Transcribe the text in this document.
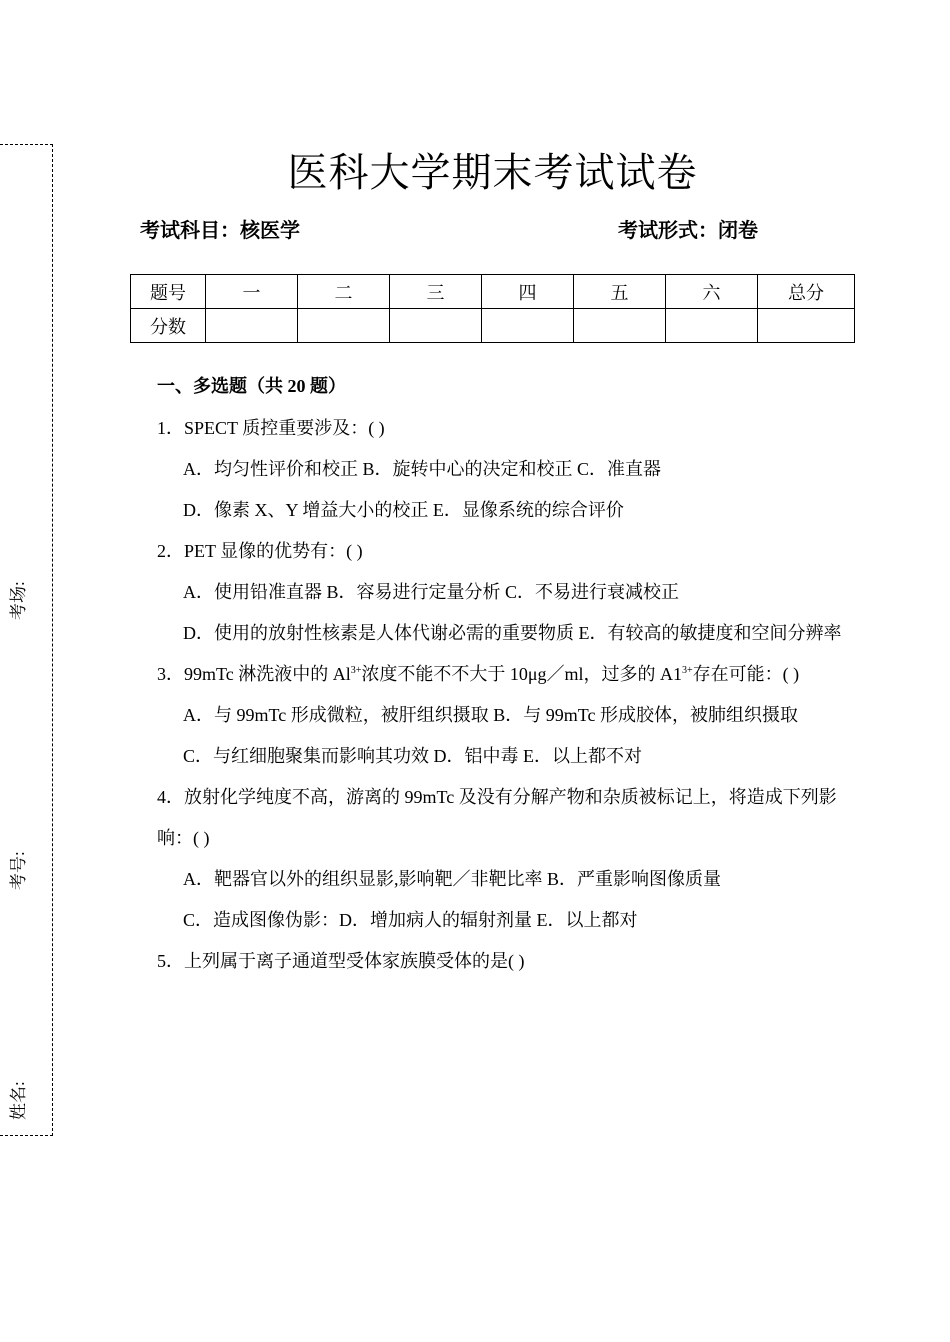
考场:
考号:
姓名:
医科大学期末考试试卷
考试科目：核医学	考试形式：闭卷
题号	一	二	三	四	五	六	总分
分数							
一、多选题（共 20 题）
1．SPECT 质控重要涉及：( )
A．均匀性评价和校正 B．旋转中心的决定和校正 C．准直器
D．像素 X、Y 增益大小的校正 E．显像系统的综合评价
2．PET 显像的优势有：( )
A．使用铅准直器 B．容易进行定量分析 C．不易进行衰减校正
D．使用的放射性核素是人体代谢必需的重要物质 E．有较高的敏捷度和空间分辨率
3．99mTc 淋洗液中的 $Al^{3+}$浓度不能不不大于 10μg／ml，过多的 $A1^{3+}$存在可能：( )
A．与 99mTc 形成微粒，被肝组织摄取 B．与 99mTc 形成胶体，被肺组织摄取
C．与红细胞聚集而影响其功效 D．铝中毒 E．以上都不对
4．放射化学纯度不高，游离的 99mTc 及没有分解产物和杂质被标记上，将造成下列影响：( )
A．靶器官以外的组织显影,影响靶／非靶比率 B．严重影响图像质量
C．造成图像伪影：D．增加病人的辐射剂量 E．以上都对
5．上列属于离子通道型受体家族膜受体的是( )
